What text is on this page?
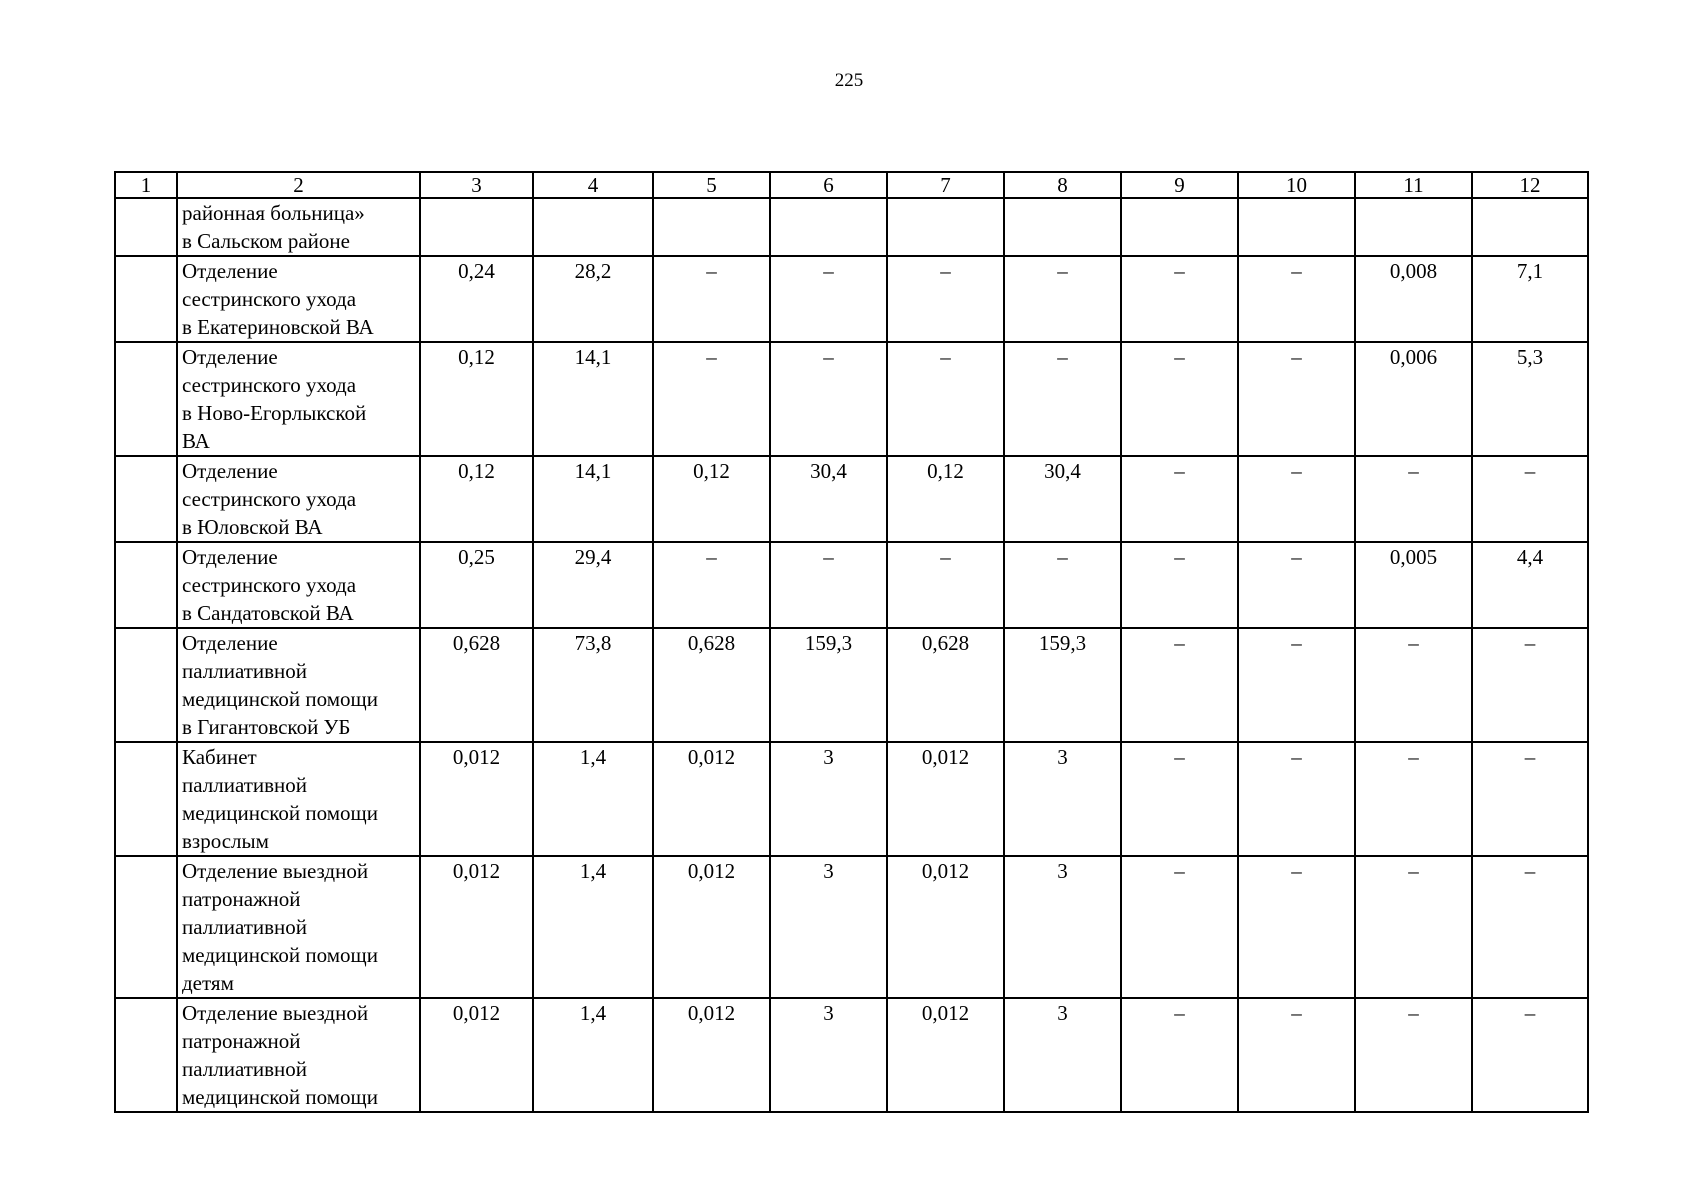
225
1	2	3	4	5	6	7	8	9	10	11	12

	районная больница»
в Сальском районе										

	Отделение
сестринского ухода
в Екатериновской ВА	0,24	28,2	–	–	–	–	–	–	0,008	7,1

	Отделение
сестринского ухода
в Ново-Егорлыкской
ВА	0,12	14,1	–	–	–	–	–	–	0,006	5,3

	Отделение
сестринского ухода
в Юловской ВА	0,12	14,1	0,12	30,4	0,12	30,4	–	–	–	–

	Отделение
сестринского ухода
в Сандатовской ВА	0,25	29,4	–	–	–	–	–	–	0,005	4,4

	Отделение
паллиативной
медицинской помощи
в Гигантовской УБ	0,628	73,8	0,628	159,3	0,628	159,3	–	–	–	–

	Кабинет
паллиативной
медицинской помощи
взрослым	0,012	1,4	0,012	3	0,012	3	–	–	–	–

	Отделение выездной
патронажной
паллиативной
медицинской помощи
детям	0,012	1,4	0,012	3	0,012	3	–	–	–	–

	Отделение выездной
патронажной
паллиативной
медицинской помощи	0,012	1,4	0,012	3	0,012	3	–	–	–	–
